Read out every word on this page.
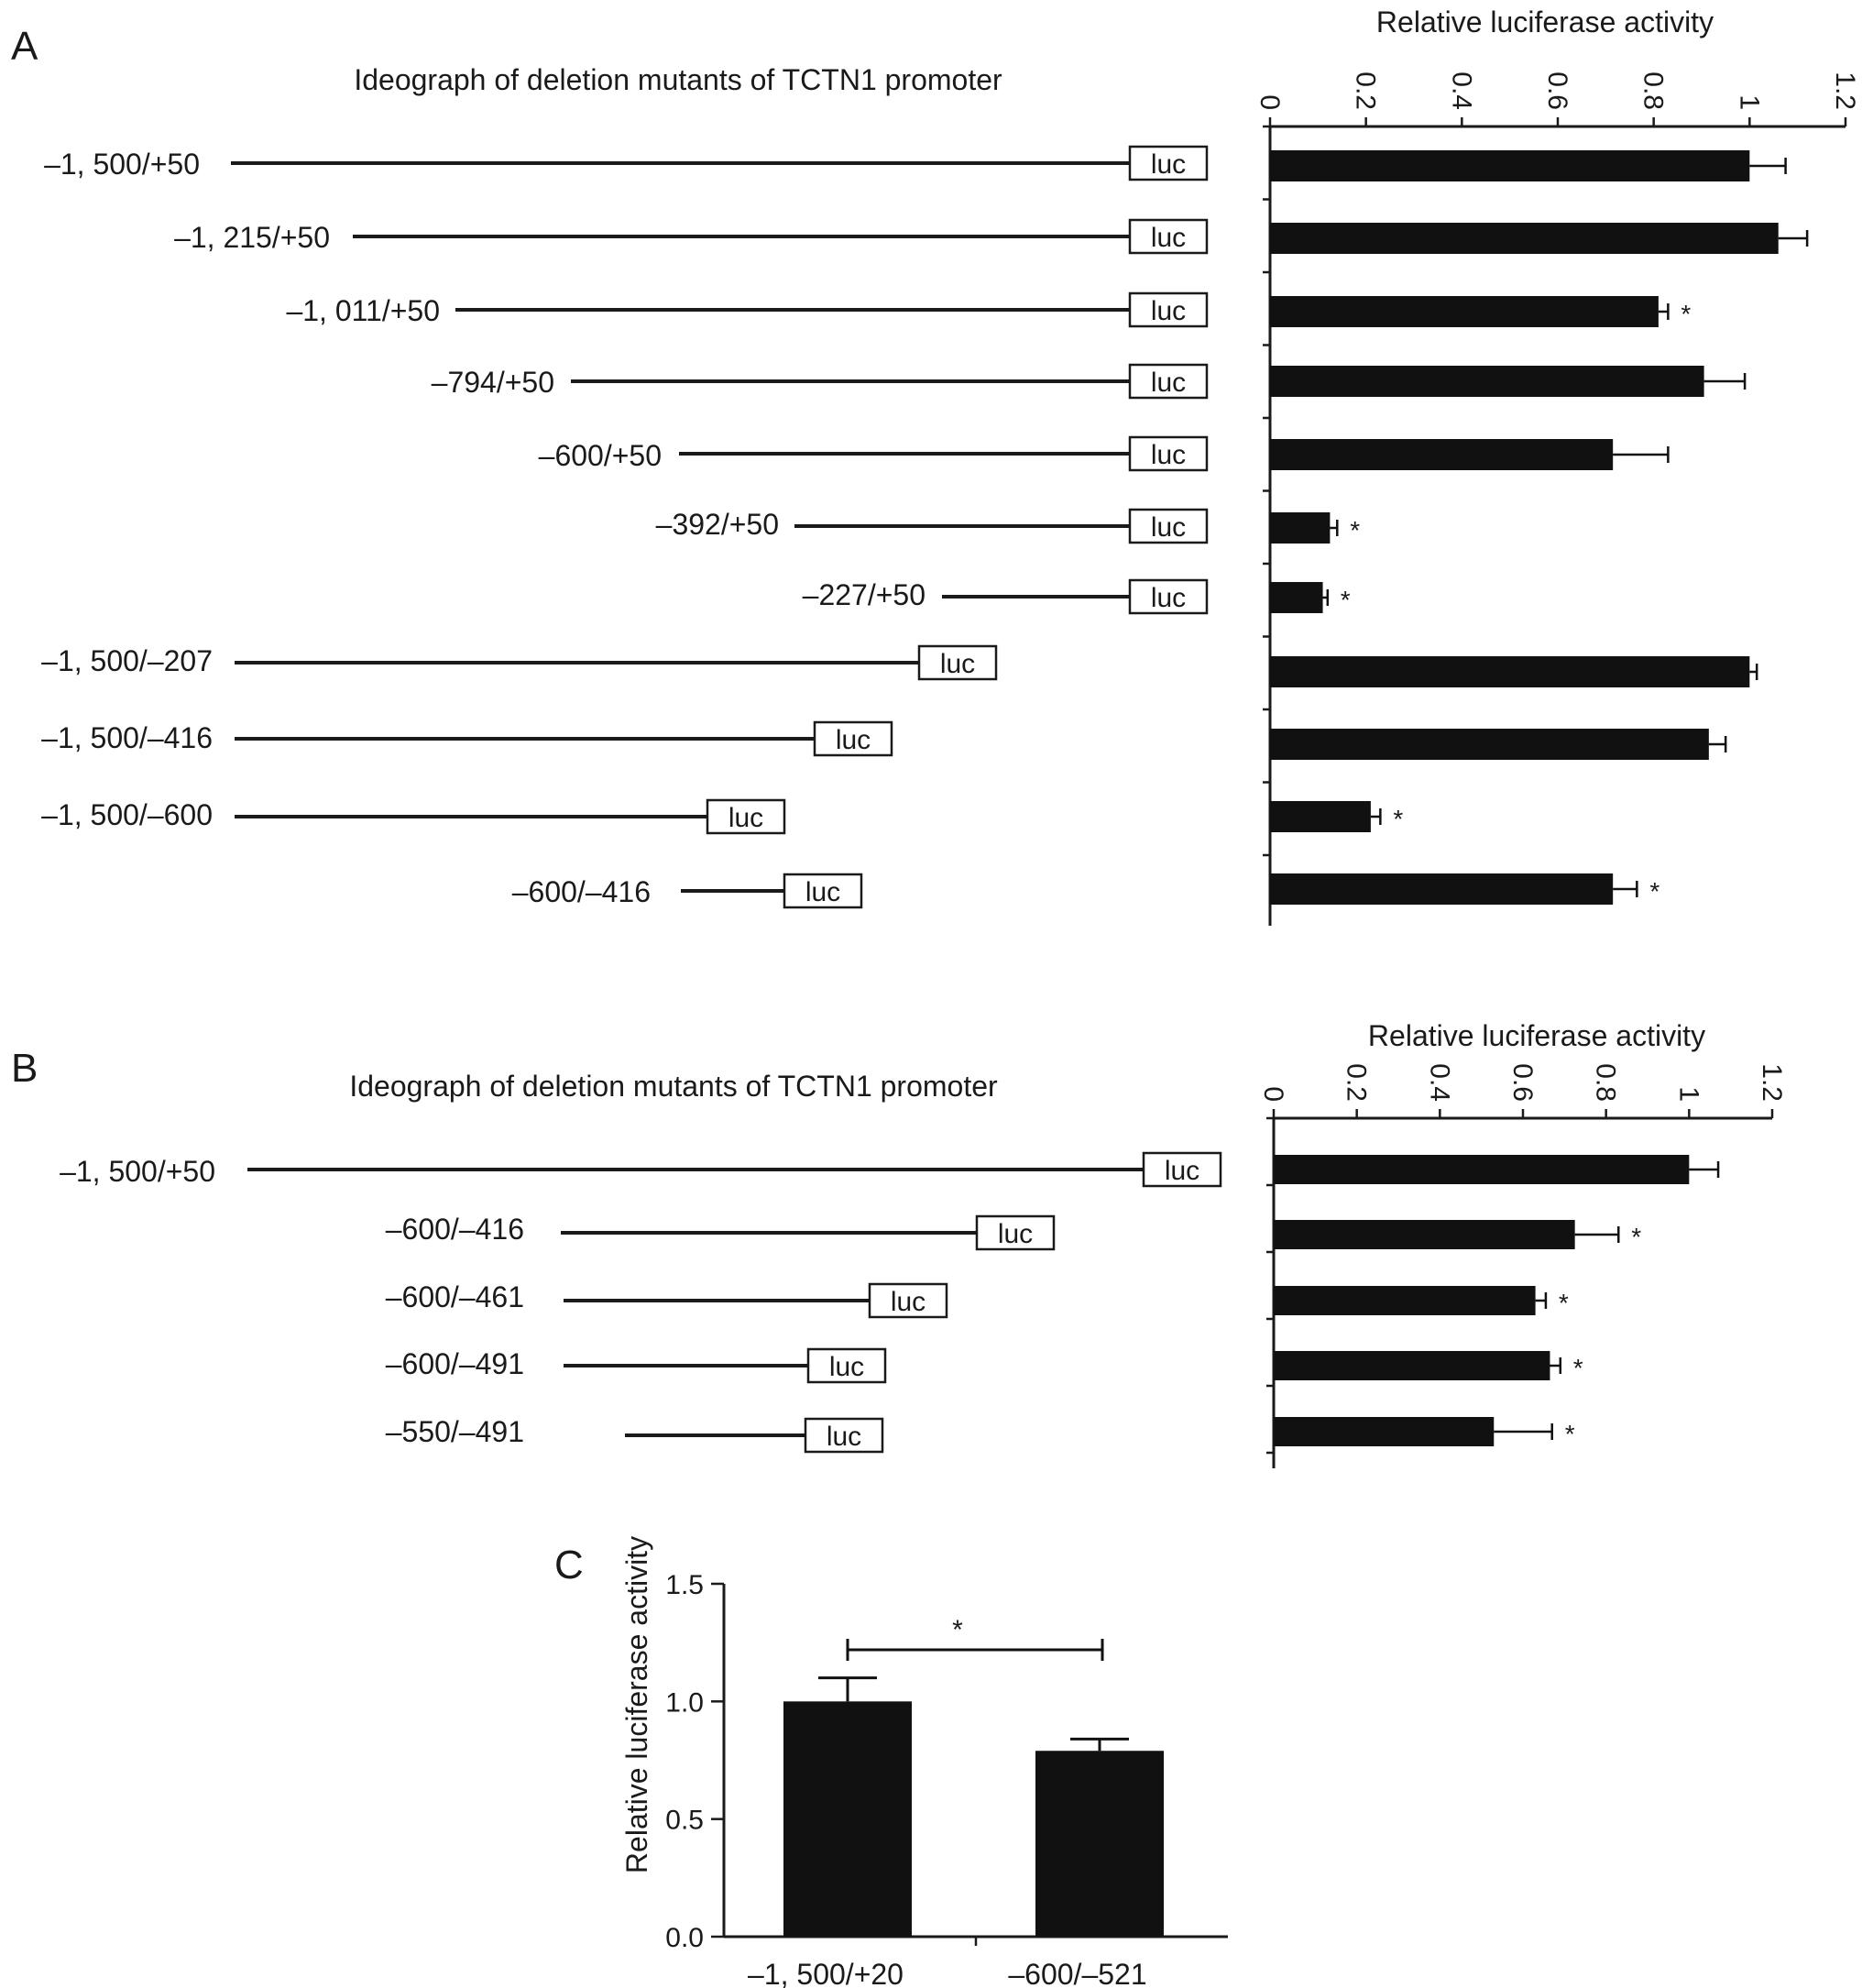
A
Ideograph of deletion mutants of TCTN1 promoter
–1, 500/+50	luc
–1, 215/+50	luc
–1, 011/+50	luc
–794/+50	luc
–600/+50	luc
–392/+50	luc
–227/+50	luc
–1, 500/–207	luc
–1, 500/–416	luc
–1, 500/–600	luc
–600/–416	luc
Relative luciferase activity
0 0.2 0.4 0.6 0.8 1 1.2
*
*
*
*
*
B	Ideograph of deletion mutants of TCTN1 promoter
–1, 500/+50	luc
–600/–416	luc
–600/–461	luc
–600/–491	luc
–550/–491	luc
Relative luciferase activity
0 0.2 0.4 0.6 0.8 1 1.2
*
*
*
*
C Relative luciferase activity
0.0
0.5
1.0
1.5
–1, 500/+20	–600/–521
*
